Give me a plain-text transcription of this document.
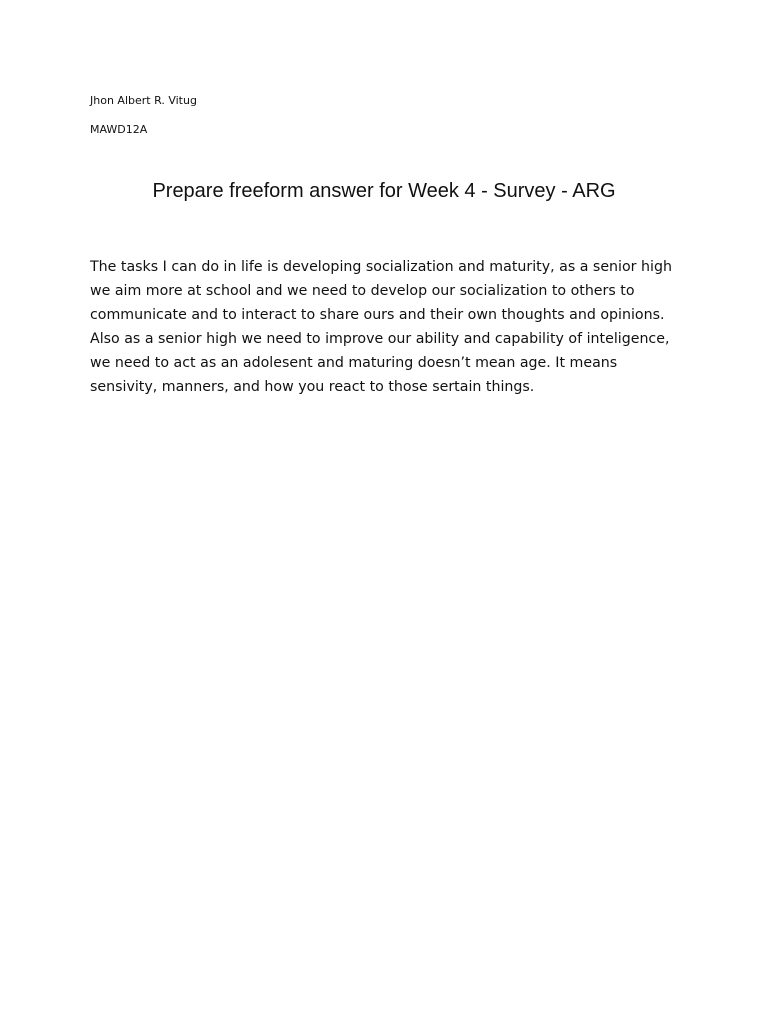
Jhon Albert R. Vitug
MAWD12A
Prepare freeform answer for Week 4 - Survey - ARG
The tasks I can do in life is developing socialization and maturity, as a senior high
we aim more at school and we need to develop our socialization to others to
communicate and to interact to share ours and their own thoughts and opinions.
Also as a senior high we need to improve our ability and capability of inteligence,
we need to act as an adolesent and maturing doesn’t mean age. It means
sensivity, manners, and how you react to those sertain things.
